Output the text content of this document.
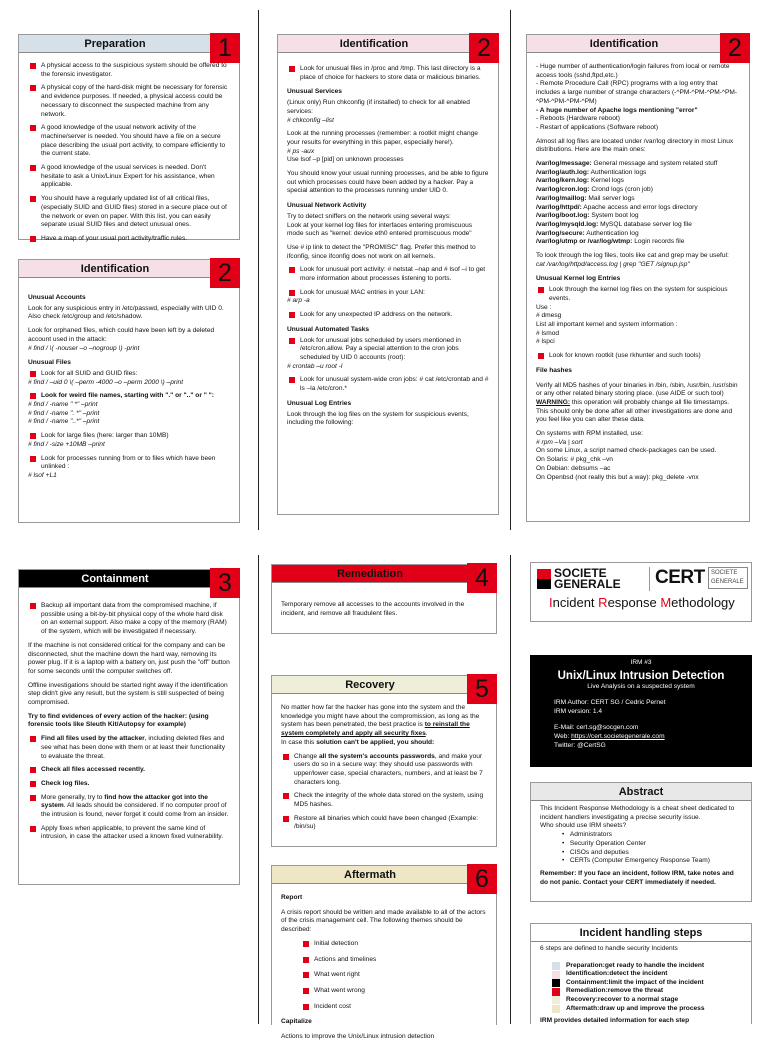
Preparation	1
A physical access to the suspicious system should be offered to the forensic investigator.
A physical copy of the hard-disk might be necessary for forensic and evidence purposes. If needed, a physical access could be necessary to disconnect the suspected machine from any network.
A good knowledge of the usual network activity of the machine/server is needed. You should have a file on a secure place describing the usual port activity, to compare efficiently to the current state.
A good knowledge of the usual services is needed. Don't hesitate to ask a Unix/Linux Expert for his assistance, when applicable.
You should have a regularly updated list of all critical files, (especially SUID and GUID files) stored in a secure place out of the network or even on paper. With this list, you can easily separate usual SUID files and detect unusual ones.
Have a map of your usual port activity/traffic rules.
Identification	2
Unusual Accounts

Look for any suspicious entry in /etc/passwd, especially with UID 0. Also check /etc/group and /etc/shadow.

Look for orphaned files, which could have been left by a deleted account used in the attack:

# find / \( -nouser –o –nogroup \) -print

Unusual Files
Look for all SUID and GUID files:

# find / –uid 0 \( –perm -4000 –o –perm 2000 \) –print

Look for weird file names, starting with "." or ".." or " ":
# find / -name " *" –print
# find / -name ". *" –print

# find / -name "..*" –print

Look for large files (here: larger than 10MB)

# find / -size +10MB –print

Look for processes running from or to files which have been unlinked :

# lsof +L1

Identification	2
Look for unusual files in /proc and /tmp. This last directory is a place of choice for hackers to store data or malicious binaries.
Unusual Services
(Linux only) Run chkconfig (if installed) to check for all enabled services:

# chkconfig –list

Look at the running processes (remember: a rootkit might change your results for everything in this paper, especially here!).
# ps -aux

Use lsof –p [pid] on unknown processes

You should know your usual running processes, and be able to figure out which processes could have been added by a hacker. Pay a special attention to the processes running under UID 0.

Unusual Network Activity
Try to detect sniffers on the network using several ways:

Look at your kernel log files for interfaces entering promiscuous mode such as "kernel: device eth0 entered promiscuous mode"

Use # ip link to detect the "PROMISC" flag. Prefer this method to ifconfig, since ifconfig does not work on all kernels.

Look for unusual port activity: # netstat –nap and # lsof –i to get more information about processes listening to ports.
Look for unusual MAC entries in your LAN:

# arp -a

Look for any unexpected IP address on the network.
Unusual Automated Tasks
Look for unusual jobs scheduled by users mentioned in /etc/cron.allow. Pay a special attention to the cron jobs scheduled by UID 0 accounts (root):

# crontab –u root -l

Look for unusual system-wide cron jobs: # cat /etc/crontab and # ls –la /etc/cron.*
Unusual Log Entries

Look through the log files on the system for suspicious events, including the following:

Identification	2
- Huge number of authentication/login failures from local or remote access tools (sshd,ftpd,etc.)
- Remote Procedure Call (RPC) programs with a log entry that includes a large number of strange characters (-^PM-^PM-^PM-^PM-^PM-^PM-^PM-^PM)
- A huge number of Apache logs mentioning "error"
- Reboots (Hardware reboot)

- Restart of applications (Software reboot)

Almost all log files are located under /var/log directory in most Linux distributions. Here are the main ones:

/var/log/message: General message and system related stuff
/var/log/auth.log: Authentication logs
/var/log/kern.log: Kernel logs
/var/log/cron.log: Crond logs (cron job)
/var/log/maillog: Mail server logs
/var/log/httpd/: Apache access and error logs directory
/var/log/boot.log: System boot log
/var/log/mysqld.log: MySQL database server log file
/var/log/secure: Authentication log
/var/log/utmp or /var/log/wtmp: Login records file
To look through the log files, tools like cat and grep may be useful:

cat /var/log/httpd/access.log | grep "GET /signup.jsp"

Unusual Kernel log Entries
Look through the kernel log files on the system for suspicious events.
Use :
# dmesg
List all important kernel and system information :
# lsmod

# lspci

Look for known rootkit (use rkhunter and such tools)
File hashes
Verify all MD5 hashes of your binaries in /bin, /sbin, /usr/bin, /usr/sbin or any other related binary storing place. (use AIDE or such tool)

WARNING: this operation will probably change all file timestamps. This should only be done after all other investigations are done and you feel like you can alter these data.

On systems with RPM installed, use:
# rpm –Va | sort
On some Linux, a script named check-packages can be used.
On Solaris: # pkg_chk –vn
On Debian: debsums –ac
On Openbsd (not really this but a way): pkg_delete -vnx
Containment	3
Backup all important data from the compromised machine, if possible using a bit-by-bit physical copy of the whole hard disk on an external support. Also make a copy of the memory (RAM) of the system, which will be investigated if necessary.

If the machine is not considered critical for the company and can be disconnected, shut the machine down the hard way, removing its power plug. If it is a laptop with a battery on, just push the "off" button for some seconds until the computer switches off.

Offline investigations should be started right away if the identification step didn't give any result, but the system is still suspected of being compromised.

Try to find evidences of every action of the hacker: (using forensic tools like Sleuth Kit/Autopsy for example)

Find all files used by the attacker, including deleted files and see what has been done with them or at least their functionality to evaluate the threat.
Check all files accessed recently.
Check log files.
More generally, try to find how the attacker got into the system. All leads should be considered. If no computer proof of the intrusion is found, never forget it could come from an insider.
Apply fixes when applicable, to prevent the same kind of intrusion, in case the attacker used a known fixed vulnerability.
Remediation	4

Temporary remove all accesses to the accounts involved in the incident, and remove all fraudulent files.

Recovery	5
No matter how far the hacker has gone into the system and the knowledge you might have about the compromission, as long as the system has been penetrated, the best practice is to reinstall the system completely and apply all security fixes.

In case this solution can't be applied, you should:

Change all the system's accounts passwords, and make your users do so in a secure way: they should use passwords with upper/lower case, special characters, numbers, and at least be 7 characters long.
Check the integrity of the whole data stored on the system, using MD5 hashes.
Restore all binaries which could have been changed (Example: /bin/su)
Aftermath	6
Report

A crisis report should be written and made available to all of the actors of the crisis management cell. The following themes should be described:

Initial detection
Actions and timelines
What went right
What went wrong
Incident cost
Capitalize

Actions to improve the Unix/Linux intrusion detection

SOCIETE
GENERALE CERT SOCIETE
GENERALE
Incident Response Methodology
IRM #3
Unix/Linux Intrusion Detection
Live Analysis on a suspected system
IRM Author: CERT SG / Cedric Pernet
IRM version: 1.4
E-Mail: cert.sg@socgen.com
Web: https://cert.societegenerale.com
Twitter: @CertSG
Abstract
This Incident Response Methodology is a cheat sheet dedicated to incident handlers investigating a precise security issue.
Who should use IRM sheets?
•   Administrators
•   Security Operation Center
•   CISOs and deputies
•   CERTs (Computer Emergency Response Team)
Remember: If you face an incident, follow IRM, take notes and do not panic. Contact your CERT immediately if needed.
Incident handling steps
6 steps are defined to handle security Incidents
Preparation: get ready to handle the incident
Identification: detect the incident
Containment: limit the impact of the incident
Remediation: remove the threat
Recovery: recover to a normal stage
Aftermath: draw up and improve the process
IRM provides detailed information for each step
